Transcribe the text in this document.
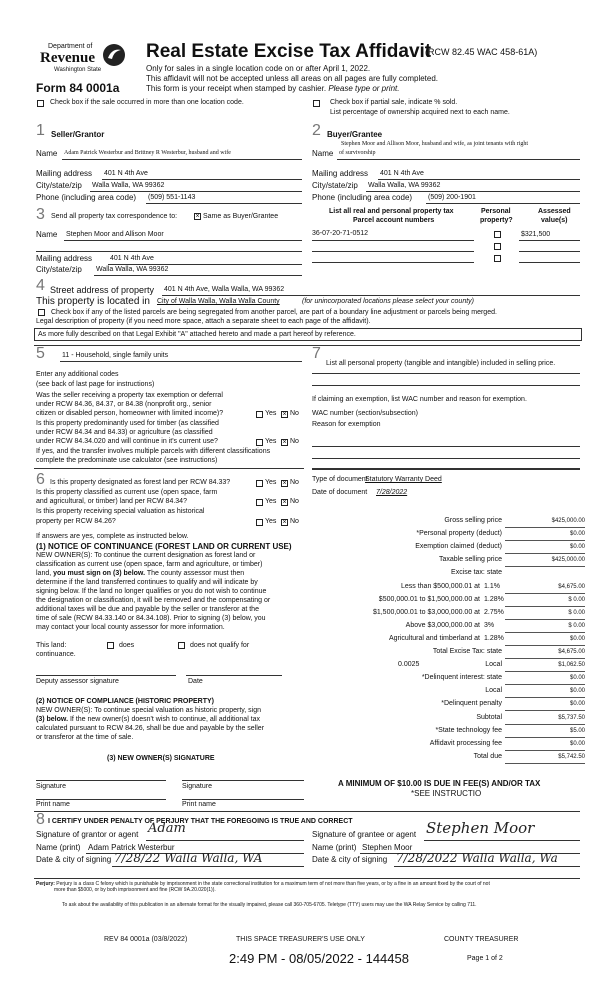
Department of
Revenue
Washington State
Form 84 0001a
Real Estate Excise Tax Affidavit
(RCW 82.45 WAC 458-61A)
Only for sales in a single location code on or after April 1, 2022.
This affidavit will not be accepted unless all areas on all pages are fully completed.
This form is your receipt when stamped by cashier. Please type or print.
Check box if the sale occurred in more than one location code.	Check box if partial sale, indicate % sold.
List percentage of ownership acquired next to each name.
1 Seller/Grantor
Name Adam Patrick Westerbur and Brittney R Westerbur, husband and wife
Mailing address 401 N 4th Ave
City/state/zip Walla Walla, WA 99362
Phone (including area code) (509) 551-1143
2 Buyer/Grantee
Stephen Moor and Allison Moor, husband and wife, as joint tenants with right
Name of survivorship
Mailing address 401 N 4th Ave
City/state/zip Walla Walla, WA 99362
Phone (including area code) (509) 200-1901
3 Send all property tax correspondence to:	× Same as Buyer/Grantee
Name Stephen Moor and Allison Moor
Mailing address	401 N 4th Ave
City/state/zip Walla Walla, WA 99362
List all real and personal property tax
Parcel account numbers
Personal
property?
Assessed
value(s)
36-07-20-71-0512	$321,500
4 Street address of property 401 N 4th Ave, Walla Walla, WA 99362
This property is located in City of Walla Walla, Walla Walla County	(for unincorporated locations please select your county)
Check box if any of the listed parcels are being segregated from another parcel, are part of a boundary line adjustment or parcels being merged.
Legal description of property (if you need more space, attach a separate sheet to each page of the affidavit).
As more fully described on that Legal Exhibit "A" attached hereto and made a part hereof by reference.
5 11 - Household, single family units
Enter any additional codes
(see back of last page for instructions)
Was the seller receiving a property tax exemption or deferral
under RCW 84.36, 84.37, or 84.38 (nonprofit org., senior
citizen or disabled person, homeowner with limited income)?	Yes × No
Is this property predominantly used for timber (as classified
under RCW 84.34 and 84.33) or agriculture (as classified
under RCW 84.34.020 and will continue in it's current use?	Yes × No
If yes, and the transfer involves multiple parcels with different classifications
complete the predominate use calculator (see instructions)
7
List all personal property (tangible and intangible) included in selling price.
If claiming an exemption, list WAC number and reason for exemption.
WAC number (section/subsection)
Reason for exemption
6 Is this property designated as forest land per RCW 84.33?	Yes × No
Is this property classified as current use (open space, farm
and agricultural, or timber) land per RCW 84.34?	Yes × No
Is this property receiving special valuation as historical
property per RCW 84.26?	Yes × No
If answers are yes, complete as instructed below.
(1) NOTICE OF CONTINUANCE (FOREST LAND OR CURRENT USE)
NEW OWNER(S): To continue the current designation as forest land or
classification as current use (open space, farm and agriculture, or timber)
land, you must sign on (3) below. The county assessor must then
determine if the land transferred continues to qualify and will indicate by
signing below. If the land no longer qualifies or you do not wish to continue
the designation or classification, it will be removed and the compensating or
additional taxes will be due and payable by the seller or transferor at the
time of sale (RCW 84.33.140 or 84.34.108). Prior to signing (3) below, you
may contact your local county assessor for more information.
This land:	does	does not qualify for
continuance.
Deputy assessor signature	Date
(2) NOTICE OF COMPLIANCE (HISTORIC PROPERTY)
NEW OWNER(S): To continue special valuation as historic property, sign
(3) below. If the new owner(s) doesn't wish to continue, all additional tax
calculated pursuant to RCW 84.26, shall be due and payable by the seller
or transferor at the time of sale.
(3) NEW OWNER(S) SIGNATURE
Signature	Signature
Print name	Print name
Type of document
Statutory Warranty Deed
Date of document 7/28/2022
Gross selling price	$425,000.00
*Personal property (deduct)	$0.00
Exemption claimed (deduct)	$0.00
Taxable selling price	$425,000.00
Excise tax: state
Less than $500,000.01 at 1.1%	$4,675.00
$500,000.01 to $1,500,000.00 at 1.28%	$ 0.00
$1,500,000.01 to $3,000,000.00 at 2.75%	$ 0.00
Above $3,000,000.00 at 3%	$ 0.00
Agricultural and timberland at 1.28%	$0.00
Total Excise Tax: state	$4,675.00
Local
0.0025	$1,062.50
*Delinquent interest: state	$0.00
Local	$0.00
*Delinquent penalty	$0.00
Subtotal	$5,737.50
*State technology fee	$5.00
Affidavit processing fee	$0.00
Total due	$5,742.50
A MINIMUM OF $10.00 IS DUE IN FEE(S) AND/OR TAX
*SEE INSTRUCTIO
8 I CERTIFY UNDER PENALTY OF PERJURY THAT THE FOREGOING IS TRUE AND CORRECT
Signature of grantor or agent Adam
Name (print) Adam Patrick Westerbur
Date & city of signing 7/28/22 Walla Walla, WA
Signature of grantee or agent Stephen Moor
Name (print) Stephen Moor
Date & city of signing 7/28/2022 Walla Walla, Wa
Perjury: Perjury is a class C felony which is punishable by imprisonment in the state correctional institution for a maximum term of not more than five years, or by a fine in an amount fixed by the court of not
more than $5000, or by both imprisonment and fine (RCW 9A.20.020(1)).
To ask about the availability of this publication in an alternate format for the visually impaired, please call 360-705-6705. Teletype (TTY) users may use the WA Relay Service by calling 711.
REV 84 0001a (03/8/2022)	THIS SPACE TREASURER'S USE ONLY	COUNTY TREASURER
2:49 PM - 08/05/2022 - 144458	Page 1 of 2
